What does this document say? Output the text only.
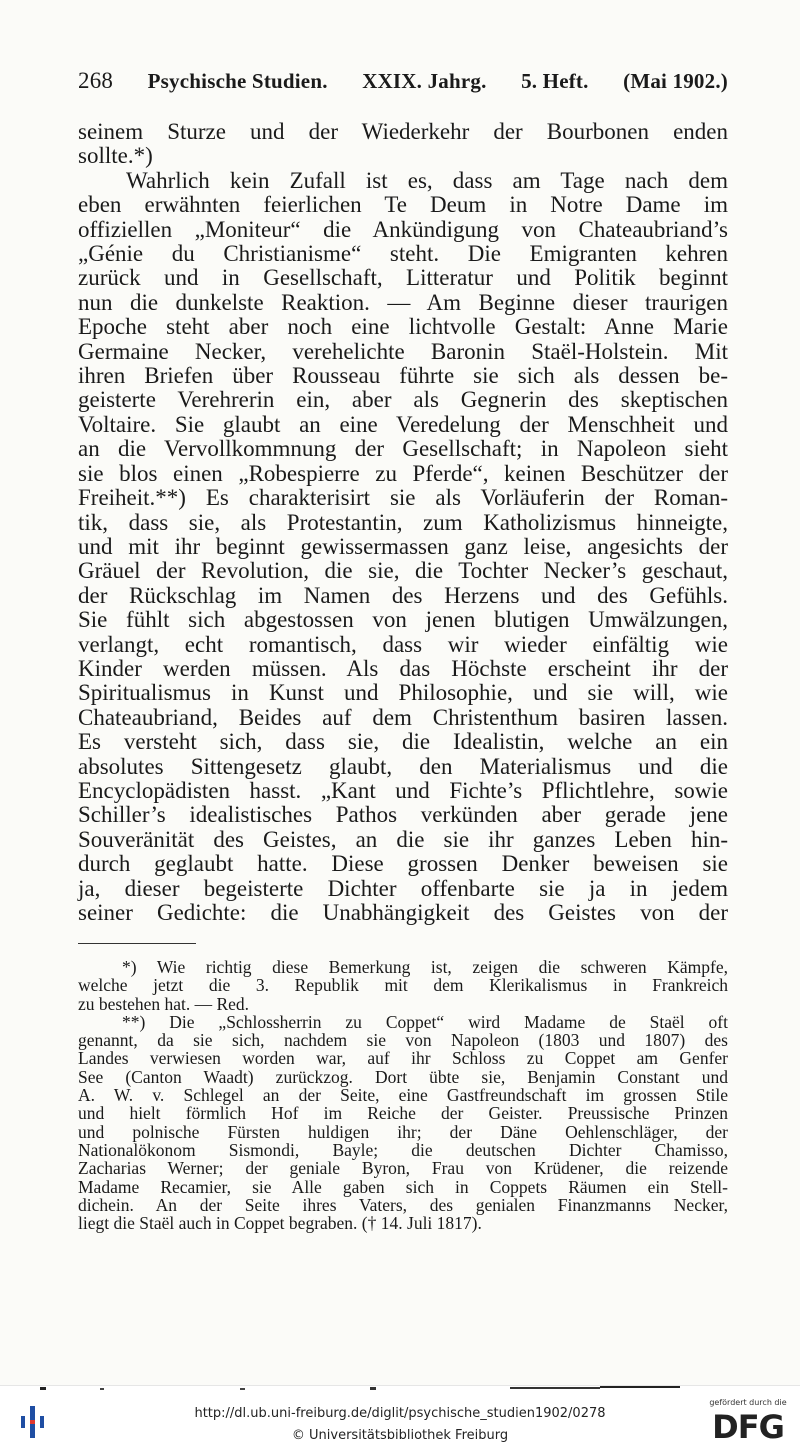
268 Psychische Studien. XXIX. Jahrg. 5. Heft. (Mai 1902.)
seinem Sturze und der Wiederkehr der Bourbonen enden
sollte.*)
Wahrlich kein Zufall ist es, dass am Tage nach dem
eben erwähnten feierlichen Te Deum in Notre Dame im
offiziellen „Moniteur“ die Ankündigung von Chateaubriand’s
„Génie du Christianisme“ steht. Die Emigranten kehren
zurück und in Gesellschaft, Litteratur und Politik beginnt
nun die dunkelste Reaktion. — Am Beginne dieser traurigen
Epoche steht aber noch eine lichtvolle Gestalt: Anne Marie
Germaine Necker, verehelichte Baronin Staël-Holstein. Mit
ihren Briefen über Rousseau führte sie sich als dessen be-
geisterte Verehrerin ein, aber als Gegnerin des skeptischen
Voltaire. Sie glaubt an eine Veredelung der Menschheit und
an die Vervollkommnung der Gesellschaft; in Napoleon sieht
sie blos einen „Robespierre zu Pferde“, keinen Beschützer der
Freiheit.**) Es charakterisirt sie als Vorläuferin der Roman-
tik, dass sie, als Protestantin, zum Katholizismus hinneigte,
und mit ihr beginnt gewissermassen ganz leise, angesichts der
Gräuel der Revolution, die sie, die Tochter Necker’s geschaut,
der Rückschlag im Namen des Herzens und des Gefühls.
Sie fühlt sich abgestossen von jenen blutigen Umwälzungen,
verlangt, echt romantisch, dass wir wieder einfältig wie
Kinder werden müssen. Als das Höchste erscheint ihr der
Spiritualismus in Kunst und Philosophie, und sie will, wie
Chateaubriand, Beides auf dem Christenthum basiren lassen.
Es versteht sich, dass sie, die Idealistin, welche an ein
absolutes Sittengesetz glaubt, den Materialismus und die
Encyclopädisten hasst. „Kant und Fichte’s Pflichtlehre, sowie
Schiller’s idealistisches Pathos verkünden aber gerade jene
Souveränität des Geistes, an die sie ihr ganzes Leben hin-
durch geglaubt hatte. Diese grossen Denker beweisen sie
ja, dieser begeisterte Dichter offenbarte sie ja in jedem
seiner Gedichte: die Unabhängigkeit des Geistes von der
*) Wie richtig diese Bemerkung ist, zeigen die schweren Kämpfe,
welche jetzt die 3. Republik mit dem Klerikalismus in Frankreich
zu bestehen hat. — Red.
**) Die „Schlossherrin zu Coppet“ wird Madame de Staël oft
genannt, da sie sich, nachdem sie von Napoleon (1803 und 1807) des
Landes verwiesen worden war, auf ihr Schloss zu Coppet am Genfer
See (Canton Waadt) zurückzog. Dort übte sie, Benjamin Constant und
A. W. v. Schlegel an der Seite, eine Gastfreundschaft im grossen Stile
und hielt förmlich Hof im Reiche der Geister. Preussische Prinzen
und polnische Fürsten huldigen ihr; der Däne Oehlenschläger, der
Nationalökonom Sismondi, Bayle; die deutschen Dichter Chamisso,
Zacharias Werner; der geniale Byron, Frau von Krüdener, die reizende
Madame Recamier, sie Alle gaben sich in Coppets Räumen ein Stell-
dichein. An der Seite ihres Vaters, des genialen Finanzmanns Necker,
liegt die Staël auch in Coppet begraben. († 14. Juli 1817).
http://dl.ub.uni-freiburg.de/diglit/psychische_studien1902/0278
© Universitätsbibliothek Freiburg
gefördert durch die
DFG
